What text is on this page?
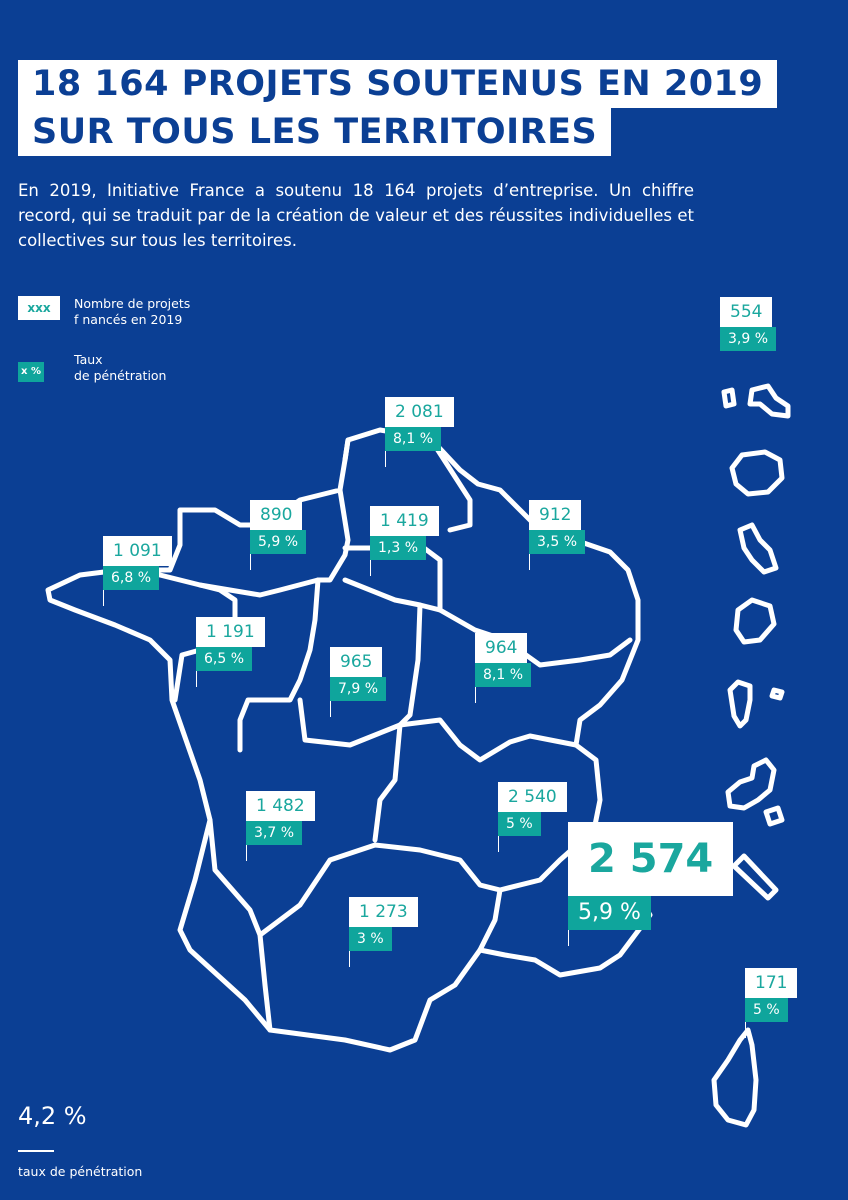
18 164 PROJETS SOUTENUS EN 2019
SUR TOUS LES TERRITOIRES
En 2019, Initiative France a soutenu 18 164 projets d’entreprise. Un chiffre record, qui se traduit par de la création de valeur et des réussites individuelles et collectives sur tous les territoires.
xxx	Nombre de projets
f nancés en 2019
x %
Taux
de pénétration
2 081
8,1 %
890
5,9 %
1 419
1,3 %
912
3,5 %
1 091
6,8 %
1 191
6,5 %	965
7,9 %
964
8,1 %
1 482
3,7 %
2 540
5 %
1 273
3 %
2 574
5,9 %
554
3,9 %
171
5 %
4,2 %
taux de pénétration
